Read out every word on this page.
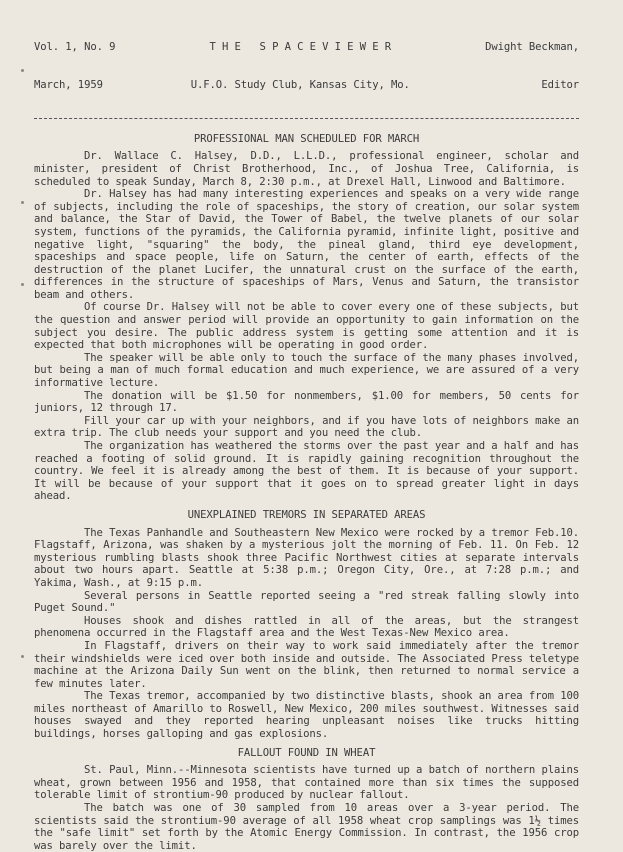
Vol. 1, No. 9

March, 1959

T H E   S P A C E V I E W E R

U.F.O. Study Club, Kansas City, Mo.

Dwight Beckman,

Editor

PROFESSIONAL MAN SCHEDULED FOR MARCH

Dr. Wallace C. Halsey, D.D., L.L.D., professional engineer, scholar and minister, president of Christ Brotherhood, Inc., of Joshua Tree, California, is scheduled to speak Sunday, March 8, 2:30 p.m., at Drexel Hall, Linwood and Baltimore.

Dr. Halsey has had many interesting experiences and speaks on a very wide range of subjects, including the role of spaceships, the story of creation, our solar system and balance, the Star of David, the Tower of Babel, the twelve planets of our solar system, functions of the pyramids, the California pyramid, infinite light, positive and negative light, "squaring" the body, the pineal gland, third eye development, spaceships and space people, life on Saturn, the center of earth, effects of the destruction of the planet Lucifer, the unnatural crust on the surface of the earth, differences in the structure of spaceships of Mars, Venus and Saturn, the transistor beam and others.

Of course Dr. Halsey will not be able to cover every one of these subjects, but the question and answer period will provide an opportunity to gain information on the subject you desire. The public address system is getting some attention and it is expected that both microphones will be operating in good order.

The speaker will be able only to touch the surface of the many phases involved, but being a man of much formal education and much experience, we are assured of a very informative lecture.

The donation will be $1.50 for nonmembers, $1.00 for members, 50 cents for juniors, 12 through 17.

Fill your car up with your neighbors, and if you have lots of neighbors make an extra trip. The club needs your support and you need the club.

The organization has weathered the storms over the past year and a half and has reached a footing of solid ground. It is rapidly gaining recognition throughout the country. We feel it is already among the best of them. It is because of your support. It will be because of your support that it goes on to spread greater light in days ahead.

UNEXPLAINED TREMORS IN SEPARATED AREAS

The Texas Panhandle and Southeastern New Mexico were rocked by a tremor Feb.10. Flagstaff, Arizona, was shaken by a mysterious jolt the morning of Feb. 11. On Feb. 12 mysterious rumbling blasts shook three Pacific Northwest cities at separate intervals about two hours apart. Seattle at 5:38 p.m.; Oregon City, Ore., at 7:28 p.m.; and Yakima, Wash., at 9:15 p.m.

Several persons in Seattle reported seeing a "red streak falling slowly into Puget Sound."

Houses shook and dishes rattled in all of the areas, but the strangest phenomena occurred in the Flagstaff area and the West Texas-New Mexico area.

In Flagstaff, drivers on their way to work said immediately after the tremor their windshields were iced over both inside and outside. The Associated Press teletype machine at the Arizona Daily Sun went on the blink, then returned to normal service a few minutes later.

The Texas tremor, accompanied by two distinctive blasts, shook an area from 100 miles northeast of Amarillo to Roswell, New Mexico, 200 miles southwest. Witnesses said houses swayed and they reported hearing unpleasant noises like trucks hitting buildings, horses galloping and gas explosions.

FALLOUT FOUND IN WHEAT

St. Paul, Minn.--Minnesota scientists have turned up a batch of northern plains wheat, grown between 1956 and 1958, that contained more than six times the supposed tolerable limit of strontium-90 produced by nuclear fallout.

The batch was one of 30 sampled from 10 areas over a 3-year period. The scientists said the strontium-90 average of all 1958 wheat crop samplings was 1½ times the "safe limit" set forth by the Atomic Energy Commission. In contrast, the 1956 crop was barely over the limit.
